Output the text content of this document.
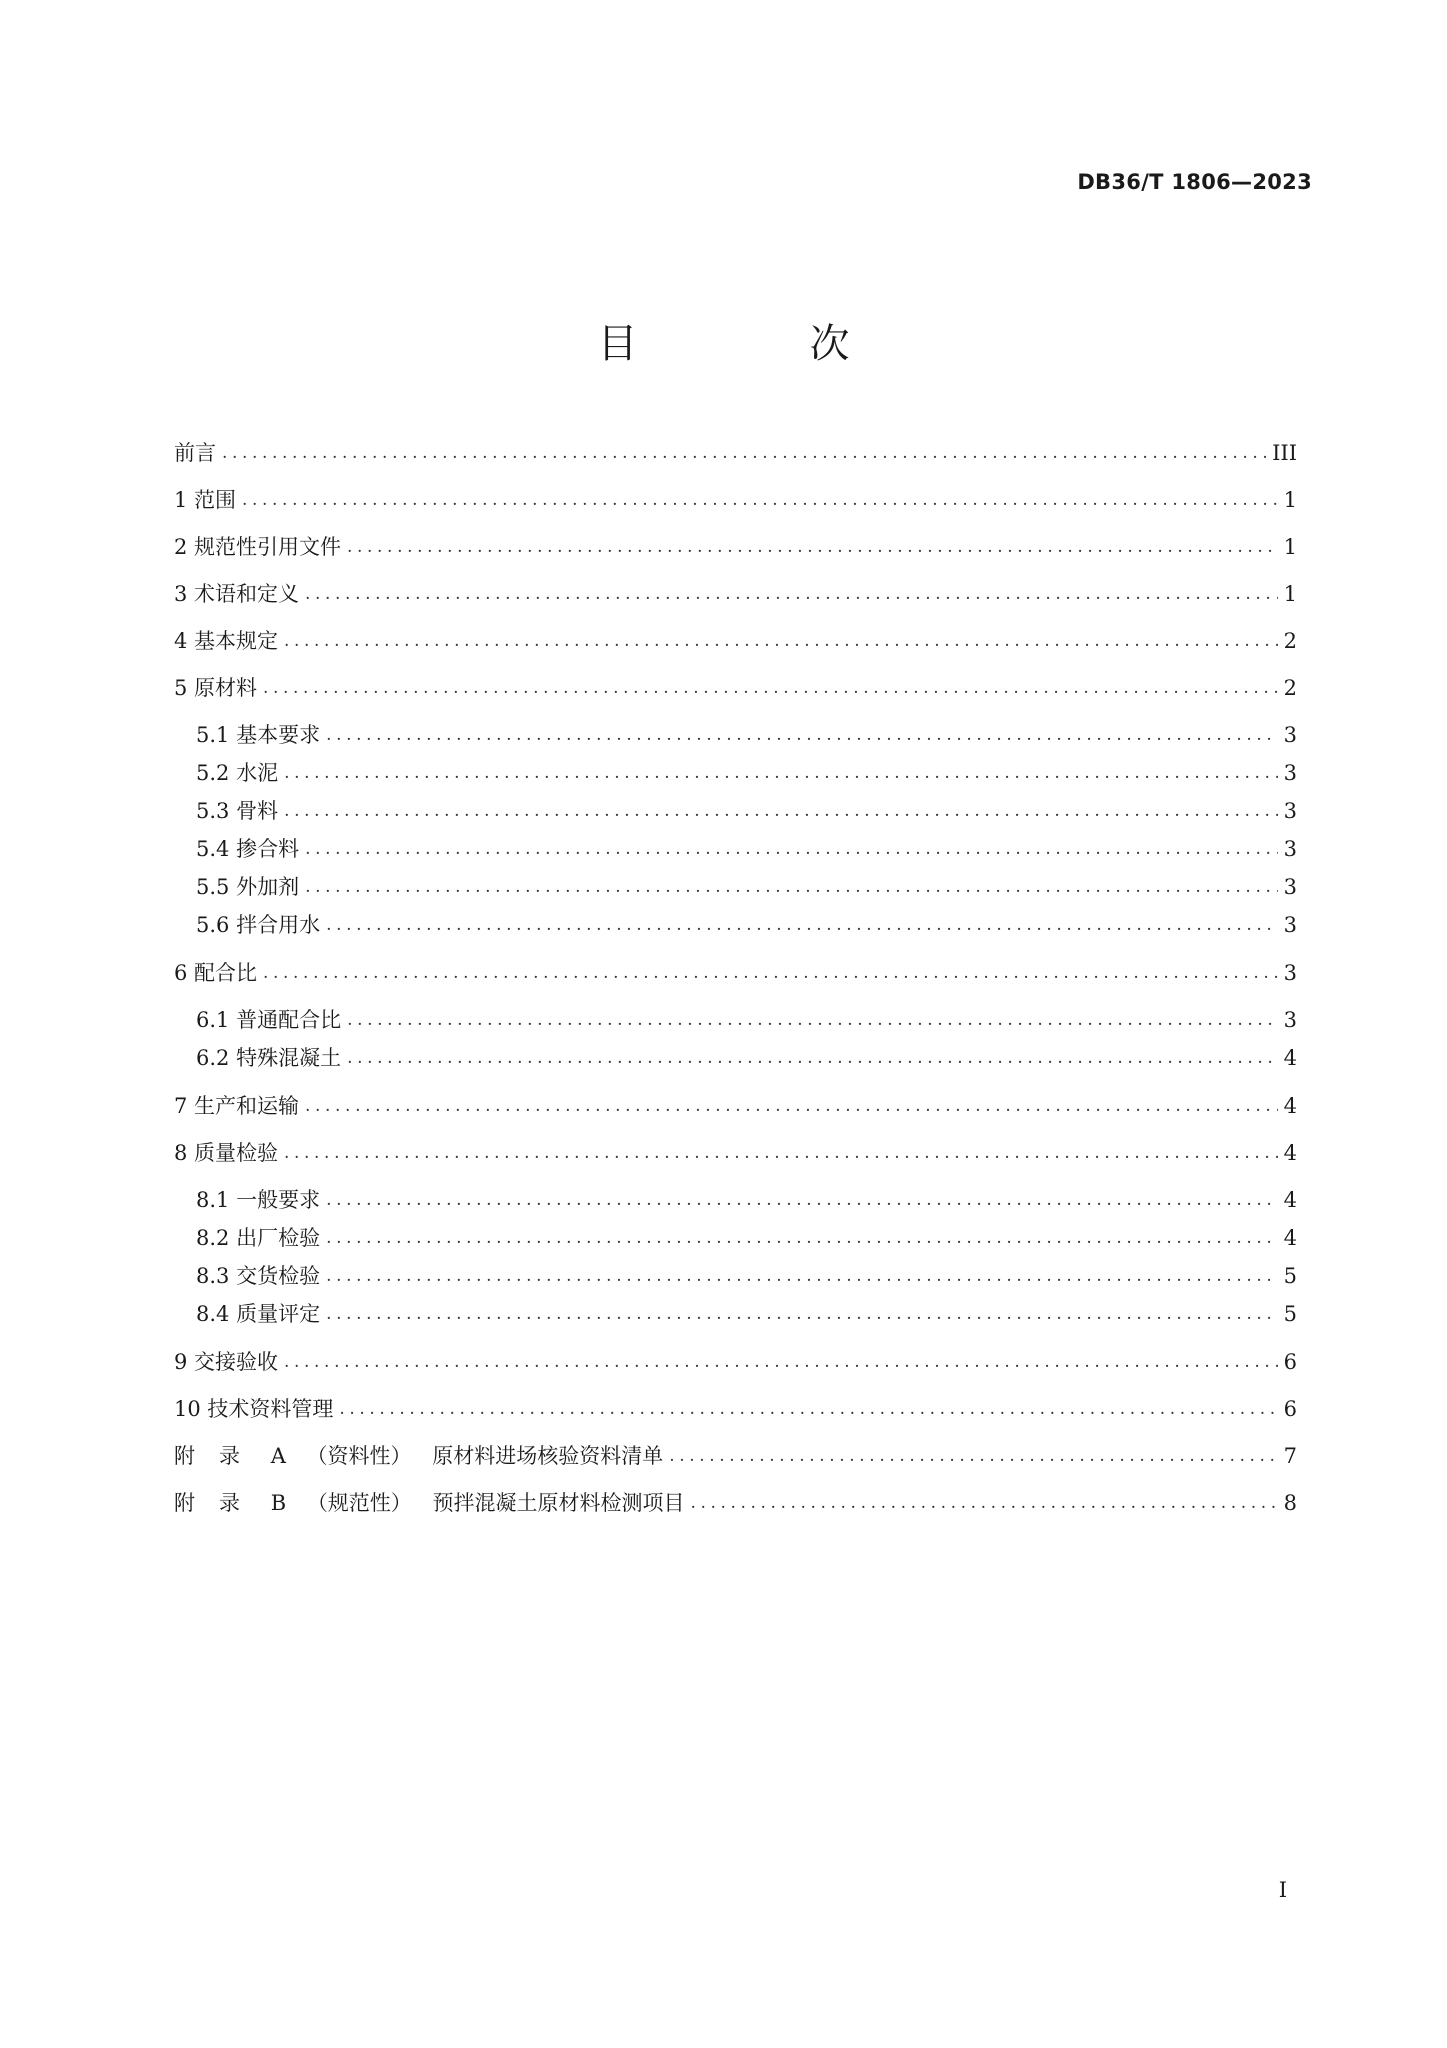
DB36/T 1806—2023
目　次
前言 .....	III
1 范围 .....	1
2 规范性引用文件 .....	1
3 术语和定义 .....	1
4 基本规定 .....	2
5 原材料 .....	2
5.1 基本要求 .....	3
5.2 水泥 .....	3
5.3 骨料 .....	3
5.4 掺合料 .....	3
5.5 外加剂 .....	3
5.6 拌合用水 .....	3
6 配合比 .....	3
6.1 普通配合比 .....	3
6.2 特殊混凝土 .....	4
7 生产和运输 .....	4
8 质量检验 .....	4
8.1 一般要求 .....	4
8.2 出厂检验 .....	4
8.3 交货检验 .....	5
8.4 质量评定 .....	5
9 交接验收 .....	6
10 技术资料管理 .....	6
附录 A （资料性） 原材料进场核验资料清单 .....	7
附录 B （规范性） 预拌混凝土原材料检测项目 .....	8
I
